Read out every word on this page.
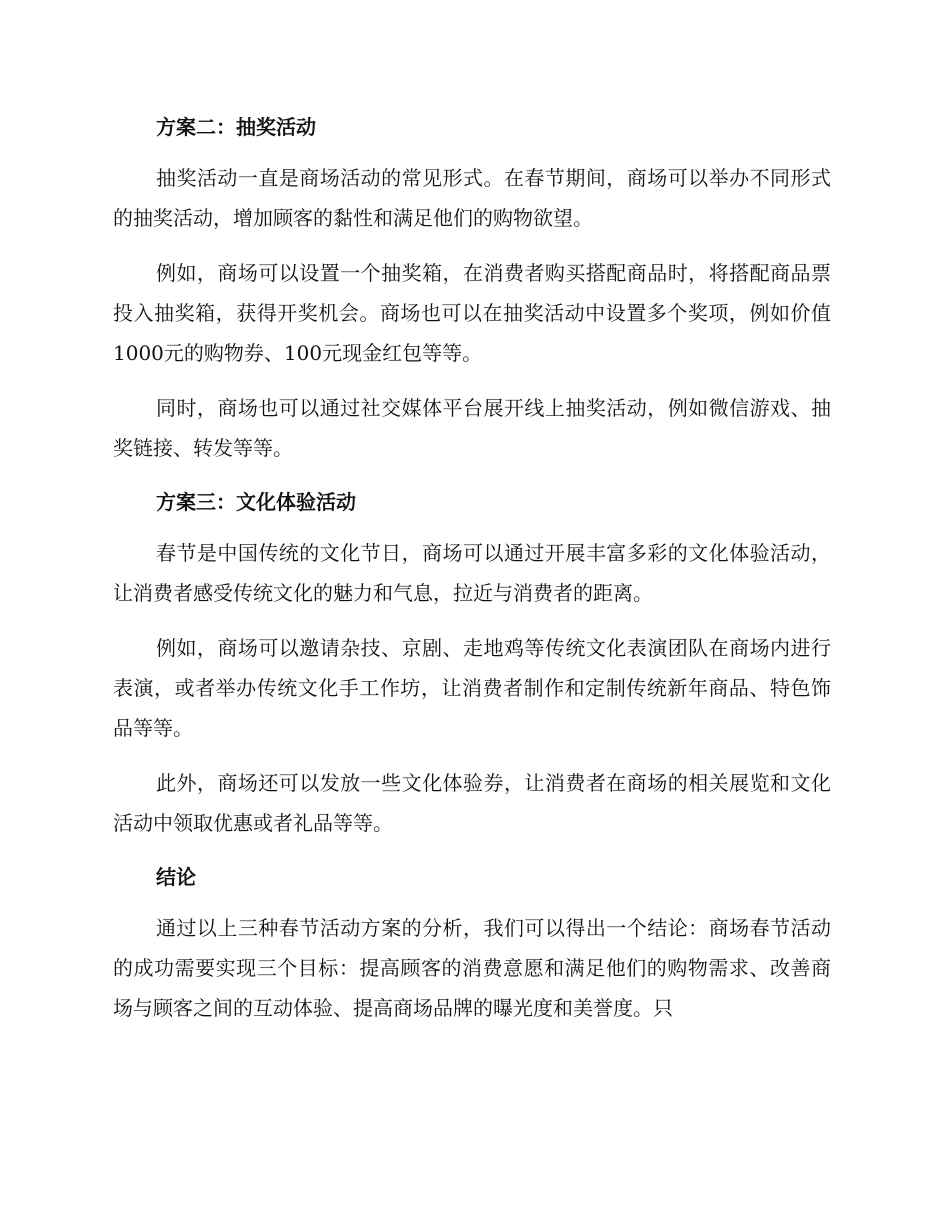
方案二：抽奖活动

抽奖活动一直是商场活动的常见形式。在春节期间，商场可以举办不同形式的抽奖活动，增加顾客的黏性和满足他们的购物欲望。

例如，商场可以设置一个抽奖箱，在消费者购买搭配商品时，将搭配商品票投入抽奖箱，获得开奖机会。商场也可以在抽奖活动中设置多个奖项，例如价值1000元的购物券、100元现金红包等等。

同时，商场也可以通过社交媒体平台展开线上抽奖活动，例如微信游戏、抽奖链接、转发等等。

方案三：文化体验活动

春节是中国传统的文化节日，商场可以通过开展丰富多彩的文化体验活动，让消费者感受传统文化的魅力和气息，拉近与消费者的距离。

例如，商场可以邀请杂技、京剧、走地鸡等传统文化表演团队在商场内进行表演，或者举办传统文化手工作坊，让消费者制作和定制传统新年商品、特色饰品等等。

此外，商场还可以发放一些文化体验券，让消费者在商场的相关展览和文化活动中领取优惠或者礼品等等。

结论

通过以上三种春节活动方案的分析，我们可以得出一个结论：商场春节活动的成功需要实现三个目标：提高顾客的消费意愿和满足他们的购物需求、改善商场与顾客之间的互动体验、提高商场品牌的曝光度和美誉度。只
